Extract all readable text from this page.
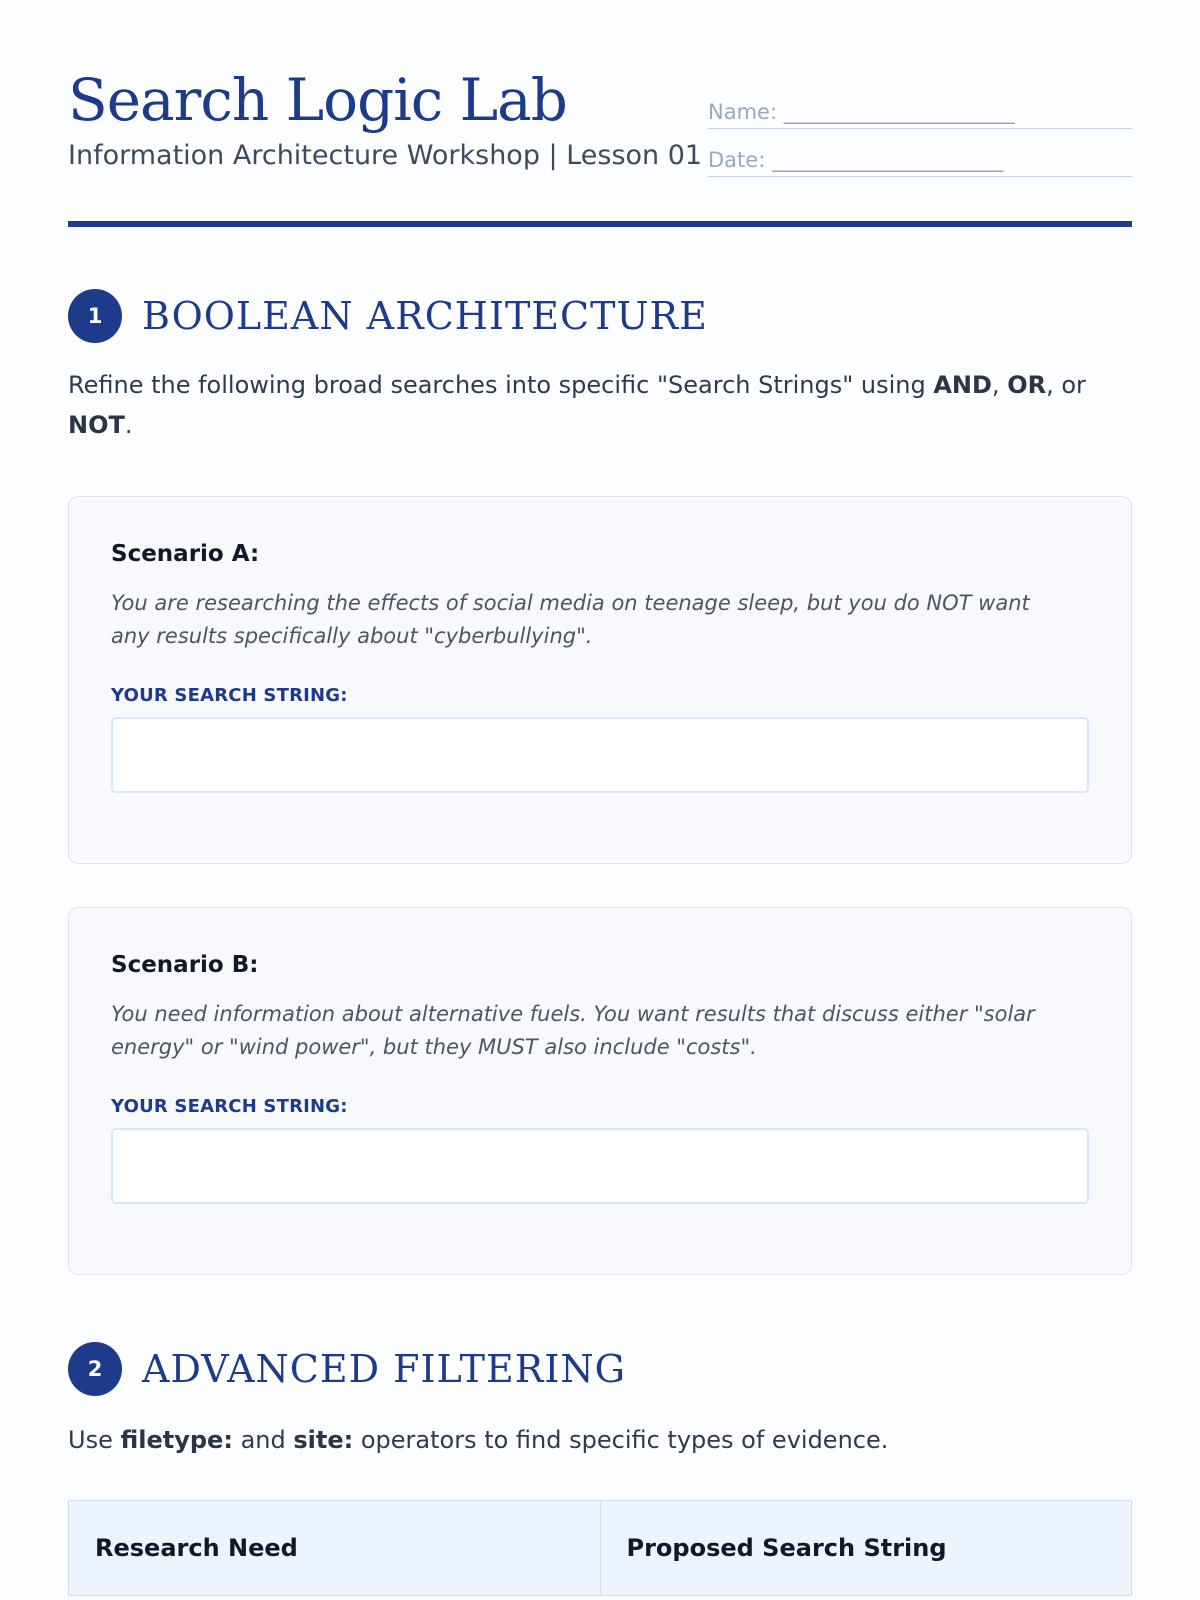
Search Logic Lab

Information Architecture Workshop | Lesson 01

Name: ______________________
Date: ______________________
1	BOOLEAN ARCHITECTURE

Refine the following broad searches into specific "Search Strings" using AND, OR, or NOT.

Scenario A:
You are researching the effects of social media on teenage sleep, but you do NOT want any results specifically about "cyberbullying".
YOUR SEARCH STRING:
Scenario B:
You need information about alternative fuels. You want results that discuss either "solar energy" or "wind power", but they MUST also include "costs".
YOUR SEARCH STRING:
2	ADVANCED FILTERING

Use filetype: and site: operators to find specific types of evidence.

Research Need	Proposed Search String
